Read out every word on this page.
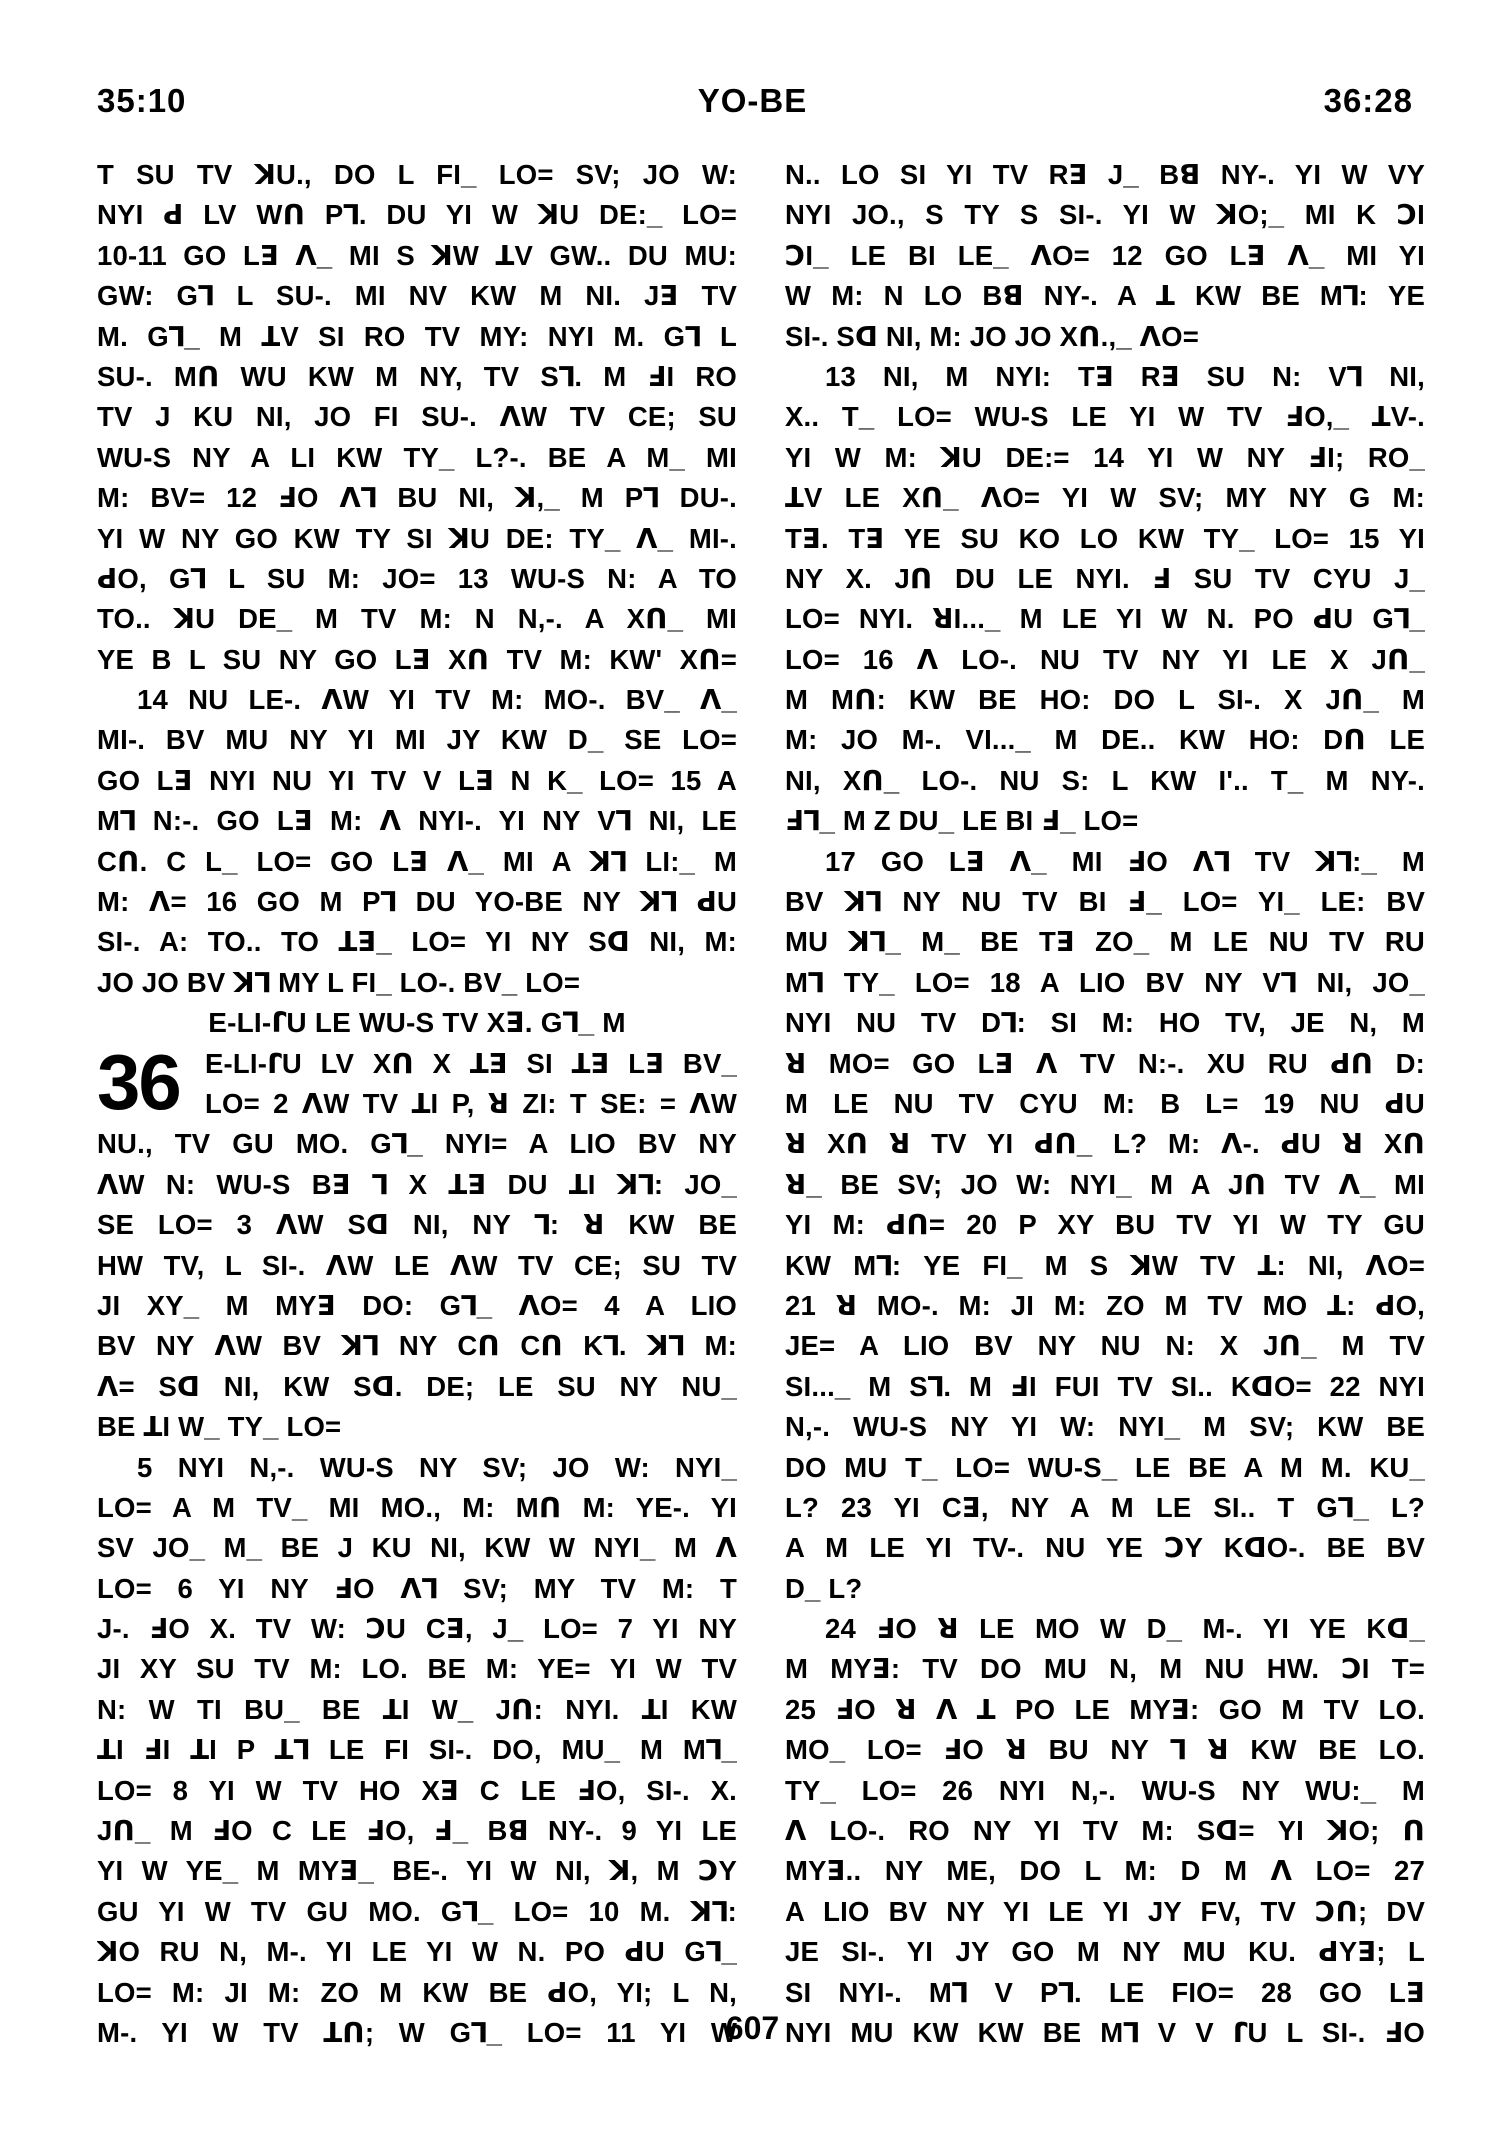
35:10	YO-BE	36:28
T SU TV ꓘU., DO L FI_ LO= SV; JO W:
NYI ꓒ LV Wꓵ Pꓶ. DU YI W ꓘU DE:_ LO=
10-11 GO Lꓱ ꓥ_ MI S ꓘW ꓕV GW.. DU MU:
GW: Gꓶ L SU-. MI NV KW M NI. Jꓱ TV
M. Gꓶ_ M ꓕV SI RO TV MY: NYI M. Gꓶ L
SU-. Mꓵ WU KW M NY, TV Sꓶ. M ꓞI RO
TV J KU NI, JO FI SU-. ꓥW TV CE; SU
WU-S NY A LI KW TY_ L?-. BE A M_ MI
M: BV= 12 ꓞO ꓥꓶ BU NI, ꓘ,_ M Pꓶ DU-.
YI W NY GO KW TY SI ꓘU DE: TY_ ꓥ_ MI-.
ꓒO, Gꓶ L SU M: JO= 13 WU-S N: A TO
TO.. ꓘU DE_ M TV M: N N,-. A Xꓵ_ MI
YE B L SU NY GO Lꓱ Xꓵ TV M: KW' Xꓵ=
14 NU LE-. ꓥW YI TV M: MO-. BV_ ꓥ_
MI-. BV MU NY YI MI JY KW D_ SE LO=
GO Lꓱ NYI NU YI TV V Lꓱ N K_ LO= 15 A
Mꓶ N:-. GO Lꓱ M: ꓥ NYI-. YI NY Vꓶ NI, LE
Cꓵ. C L_ LO= GO Lꓱ ꓥ_ MI A ꓘꓶ LI:_ M
M: ꓥ= 16 GO M Pꓶ DU YO-BE NY ꓘꓶ ꓒU
SI-. A: TO.. TO ꓕꓱ_ LO= YI NY Sꓷ NI, M:
JO JO BV ꓘꓶ MY L FI_ LO-. BV_ LO=
E-LI-ꓩU LE WU-S TV Xꓱ. Gꓶ_ M
36 E-LI-ꓩU LV Xꓵ X ꓕꓱ SI ꓕꓱ Lꓱ BV_
LO= 2 ꓥW TV ꓕI P, ꓤ ZI: T SE: = ꓥW
NU., TV GU MO. Gꓶ_ NYI= A LIO BV NY
ꓥW N: WU-S Bꓱ ꓶ X ꓕꓱ DU ꓕI ꓘꓶ: JO_
SE LO= 3 ꓥW Sꓷ NI, NY ꓶ: ꓤ KW BE
HW TV, L SI-. ꓥW LE ꓥW TV CE; SU TV
JI XY_ M MYꓱ DO: Gꓶ_ ꓥO= 4 A LIO
BV NY ꓥW BV ꓘꓶ NY Cꓵ Cꓵ Kꓶ. ꓘꓶ M:
ꓥ= Sꓷ NI, KW Sꓷ. DE; LE SU NY NU_
BE ꓕI W_ TY_ LO=
5 NYI N,-. WU-S NY SV; JO W: NYI_
LO= A M TV_ MI MO., M: Mꓵ M: YE-. YI
SV JO_ M_ BE J KU NI, KW W NYI_ M ꓥ
LO= 6 YI NY ꓞO ꓥꓶ SV; MY TV M: T
J-. ꓞO X. TV W: ꓛU Cꓱ, J_ LO= 7 YI NY
JI XY SU TV M: LO. BE M: YE= YI W TV
N: W TI BU_ BE ꓕI W_ Jꓵ: NYI. ꓕI KW
ꓕI ꓞI ꓕI P ꓕꓶ LE FI SI-. DO, MU_ M Mꓶ_
LO= 8 YI W TV HO Xꓱ C LE ꓞO, SI-. X.
Jꓵ_ M ꓞO C LE ꓞO, ꓞ_ Bꓭ NY-. 9 YI LE
YI W YE_ M MYꓱ_ BE-. YI W NI, ꓘ, M ꓛY
GU YI W TV GU MO. Gꓶ_ LO= 10 M. ꓘꓶ:
ꓘO RU N, M-. YI LE YI W N. PO ꓒU Gꓶ_
LO= M: JI M: ZO M KW BE ꓒO, YI; L N,
M-. YI W TV ꓕꓵ; W Gꓶ_ LO= 11 YI W
N.. LO SI YI TV Rꓱ J_ Bꓭ NY-. YI W VY
NYI JO., S TY S SI-. YI W ꓘO;_ MI K ꓛI
ꓛI_ LE BI LE_ ꓥO= 12 GO Lꓱ ꓥ_ MI YI
W M: N LO Bꓭ NY-. A ꓕ KW BE Mꓶ: YE
SI-. Sꓷ NI, M: JO JO Xꓵ.,_ ꓥO=
13 NI, M NYI: Tꓱ Rꓱ SU N: Vꓶ NI,
X.. T_ LO= WU-S LE YI W TV ꓞO,_ ꓕV-.
YI W M: ꓘU DE:= 14 YI W NY ꓞI; RO_
ꓕV LE Xꓵ_ ꓥO= YI W SV; MY NY G M:
Tꓱ. Tꓱ YE SU KO LO KW TY_ LO= 15 YI
NY X. Jꓵ DU LE NYI. ꓞ SU TV CYU J_
LO= NYI. ꓤI..._ M LE YI W N. PO ꓒU Gꓶ_
LO= 16 ꓥ LO-. NU TV NY YI LE X Jꓵ_
M Mꓵ: KW BE HO: DO L SI-. X Jꓵ_ M
M: JO M-. VI..._ M DE.. KW HO: Dꓵ LE
NI, Xꓵ_ LO-. NU S: L KW I'.. T_ M NY-.
ꓞꓶ_ M Z DU_ LE BI ꓞ_ LO=
17 GO Lꓱ ꓥ_ MI ꓞO ꓥꓶ TV ꓘꓶ:_ M
BV ꓘꓶ NY NU TV BI ꓞ_ LO= YI_ LE: BV
MU ꓘꓶ_ M_ BE Tꓱ ZO_ M LE NU TV RU
Mꓶ TY_ LO= 18 A LIO BV NY Vꓶ NI, JO_
NYI NU TV Dꓶ: SI M: HO TV, JE N, M
ꓤ MO= GO Lꓱ ꓥ TV N:-. XU RU ꓒꓵ D:
M LE NU TV CYU M: B L= 19 NU ꓒU
ꓤ Xꓵ ꓤ TV YI ꓒꓵ_ L? M: ꓥ-. ꓒU ꓤ Xꓵ
ꓤ_ BE SV; JO W: NYI_ M A Jꓵ TV ꓥ_ MI
YI M: ꓒꓵ= 20 P XY BU TV YI W TY GU
KW Mꓶ: YE FI_ M S ꓘW TV ꓕ: NI, ꓥO=
21 ꓤ MO-. M: JI M: ZO M TV MO ꓕ: ꓒO,
JE= A LIO BV NY NU N: X Jꓵ_ M TV
SI..._ M Sꓶ. M ꓞI FUI TV SI.. KꓷO= 22 NYI
N,-. WU-S NY YI W: NYI_ M SV; KW BE
DO MU T_ LO= WU-S_ LE BE A M M. KU_
L? 23 YI Cꓱ, NY A M LE SI.. T Gꓶ_ L?
A M LE YI TV-. NU YE ꓛY KꓷO-. BE BV
D_ L?
24 ꓞO ꓤ LE MO W D_ M-. YI YE Kꓷ_
M MYꓱ: TV DO MU N, M NU HW. ꓛI T=
25 ꓞO ꓤ ꓥ ꓕ PO LE MYꓱ: GO M TV LO.
MO_ LO= ꓞO ꓤ BU NY ꓶ ꓤ KW BE LO.
TY_ LO= 26 NYI N,-. WU-S NY WU:_ M
ꓥ LO-. RO NY YI TV M: Sꓷ= YI ꓘO; ꓵ
MYꓱ.. NY ME, DO L M: D M ꓥ LO= 27
A LIO BV NY YI LE YI JY FV, TV ꓛꓵ; DV
JE SI-. YI JY GO M NY MU KU. ꓒYꓱ; L
SI NYI-. Mꓶ V Pꓶ. LE FIO= 28 GO Lꓱ
NYI MU KW KW BE Mꓶ V V ꓩU L SI-. ꓞO
607
